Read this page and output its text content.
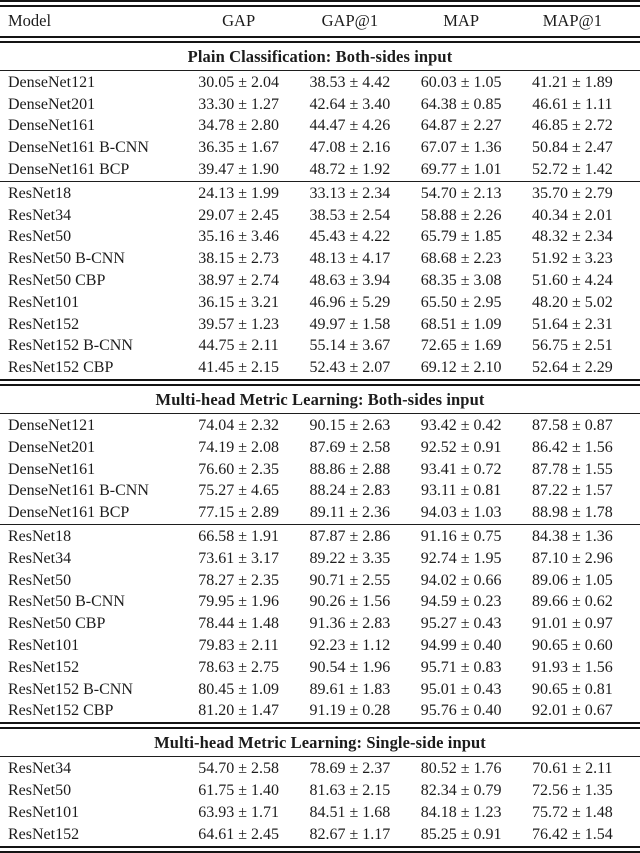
Model	GAP	GAP@1	MAP	MAP@1
Plain Classification: Both-sides input
DenseNet121	30.05 ± 2.04	38.53 ± 4.42	60.03 ± 1.05	41.21 ± 1.89
DenseNet201	33.30 ± 1.27	42.64 ± 3.40	64.38 ± 0.85	46.61 ± 1.11
DenseNet161	34.78 ± 2.80	44.47 ± 4.26	64.87 ± 2.27	46.85 ± 2.72
DenseNet161 B-CNN	36.35 ± 1.67	47.08 ± 2.16	67.07 ± 1.36	50.84 ± 2.47
DenseNet161 BCP	39.47 ± 1.90	48.72 ± 1.92	69.77 ± 1.01	52.72 ± 1.42
ResNet18	24.13 ± 1.99	33.13 ± 2.34	54.70 ± 2.13	35.70 ± 2.79
ResNet34	29.07 ± 2.45	38.53 ± 2.54	58.88 ± 2.26	40.34 ± 2.01
ResNet50	35.16 ± 3.46	45.43 ± 4.22	65.79 ± 1.85	48.32 ± 2.34
ResNet50 B-CNN	38.15 ± 2.73	48.13 ± 4.17	68.68 ± 2.23	51.92 ± 3.23
ResNet50 CBP	38.97 ± 2.74	48.63 ± 3.94	68.35 ± 3.08	51.60 ± 4.24
ResNet101	36.15 ± 3.21	46.96 ± 5.29	65.50 ± 2.95	48.20 ± 5.02
ResNet152	39.57 ± 1.23	49.97 ± 1.58	68.51 ± 1.09	51.64 ± 2.31
ResNet152 B-CNN	44.75 ± 2.11	55.14 ± 3.67	72.65 ± 1.69	56.75 ± 2.51
ResNet152 CBP	41.45 ± 2.15	52.43 ± 2.07	69.12 ± 2.10	52.64 ± 2.29
Multi-head Metric Learning: Both-sides input
DenseNet121	74.04 ± 2.32	90.15 ± 2.63	93.42 ± 0.42	87.58 ± 0.87
DenseNet201	74.19 ± 2.08	87.69 ± 2.58	92.52 ± 0.91	86.42 ± 1.56
DenseNet161	76.60 ± 2.35	88.86 ± 2.88	93.41 ± 0.72	87.78 ± 1.55
DenseNet161 B-CNN	75.27 ± 4.65	88.24 ± 2.83	93.11 ± 0.81	87.22 ± 1.57
DenseNet161 BCP	77.15 ± 2.89	89.11 ± 2.36	94.03 ± 1.03	88.98 ± 1.78
ResNet18	66.58 ± 1.91	87.87 ± 2.86	91.16 ± 0.75	84.38 ± 1.36
ResNet34	73.61 ± 3.17	89.22 ± 3.35	92.74 ± 1.95	87.10 ± 2.96
ResNet50	78.27 ± 2.35	90.71 ± 2.55	94.02 ± 0.66	89.06 ± 1.05
ResNet50 B-CNN	79.95 ± 1.96	90.26 ± 1.56	94.59 ± 0.23	89.66 ± 0.62
ResNet50 CBP	78.44 ± 1.48	91.36 ± 2.83	95.27 ± 0.43	91.01 ± 0.97
ResNet101	79.83 ± 2.11	92.23 ± 1.12	94.99 ± 0.40	90.65 ± 0.60
ResNet152	78.63 ± 2.75	90.54 ± 1.96	95.71 ± 0.83	91.93 ± 1.56
ResNet152 B-CNN	80.45 ± 1.09	89.61 ± 1.83	95.01 ± 0.43	90.65 ± 0.81
ResNet152 CBP	81.20 ± 1.47	91.19 ± 0.28	95.76 ± 0.40	92.01 ± 0.67
Multi-head Metric Learning: Single-side input
ResNet34	54.70 ± 2.58	78.69 ± 2.37	80.52 ± 1.76	70.61 ± 2.11
ResNet50	61.75 ± 1.40	81.63 ± 2.15	82.34 ± 0.79	72.56 ± 1.35
ResNet101	63.93 ± 1.71	84.51 ± 1.68	84.18 ± 1.23	75.72 ± 1.48
ResNet152	64.61 ± 2.45	82.67 ± 1.17	85.25 ± 0.91	76.42 ± 1.54
